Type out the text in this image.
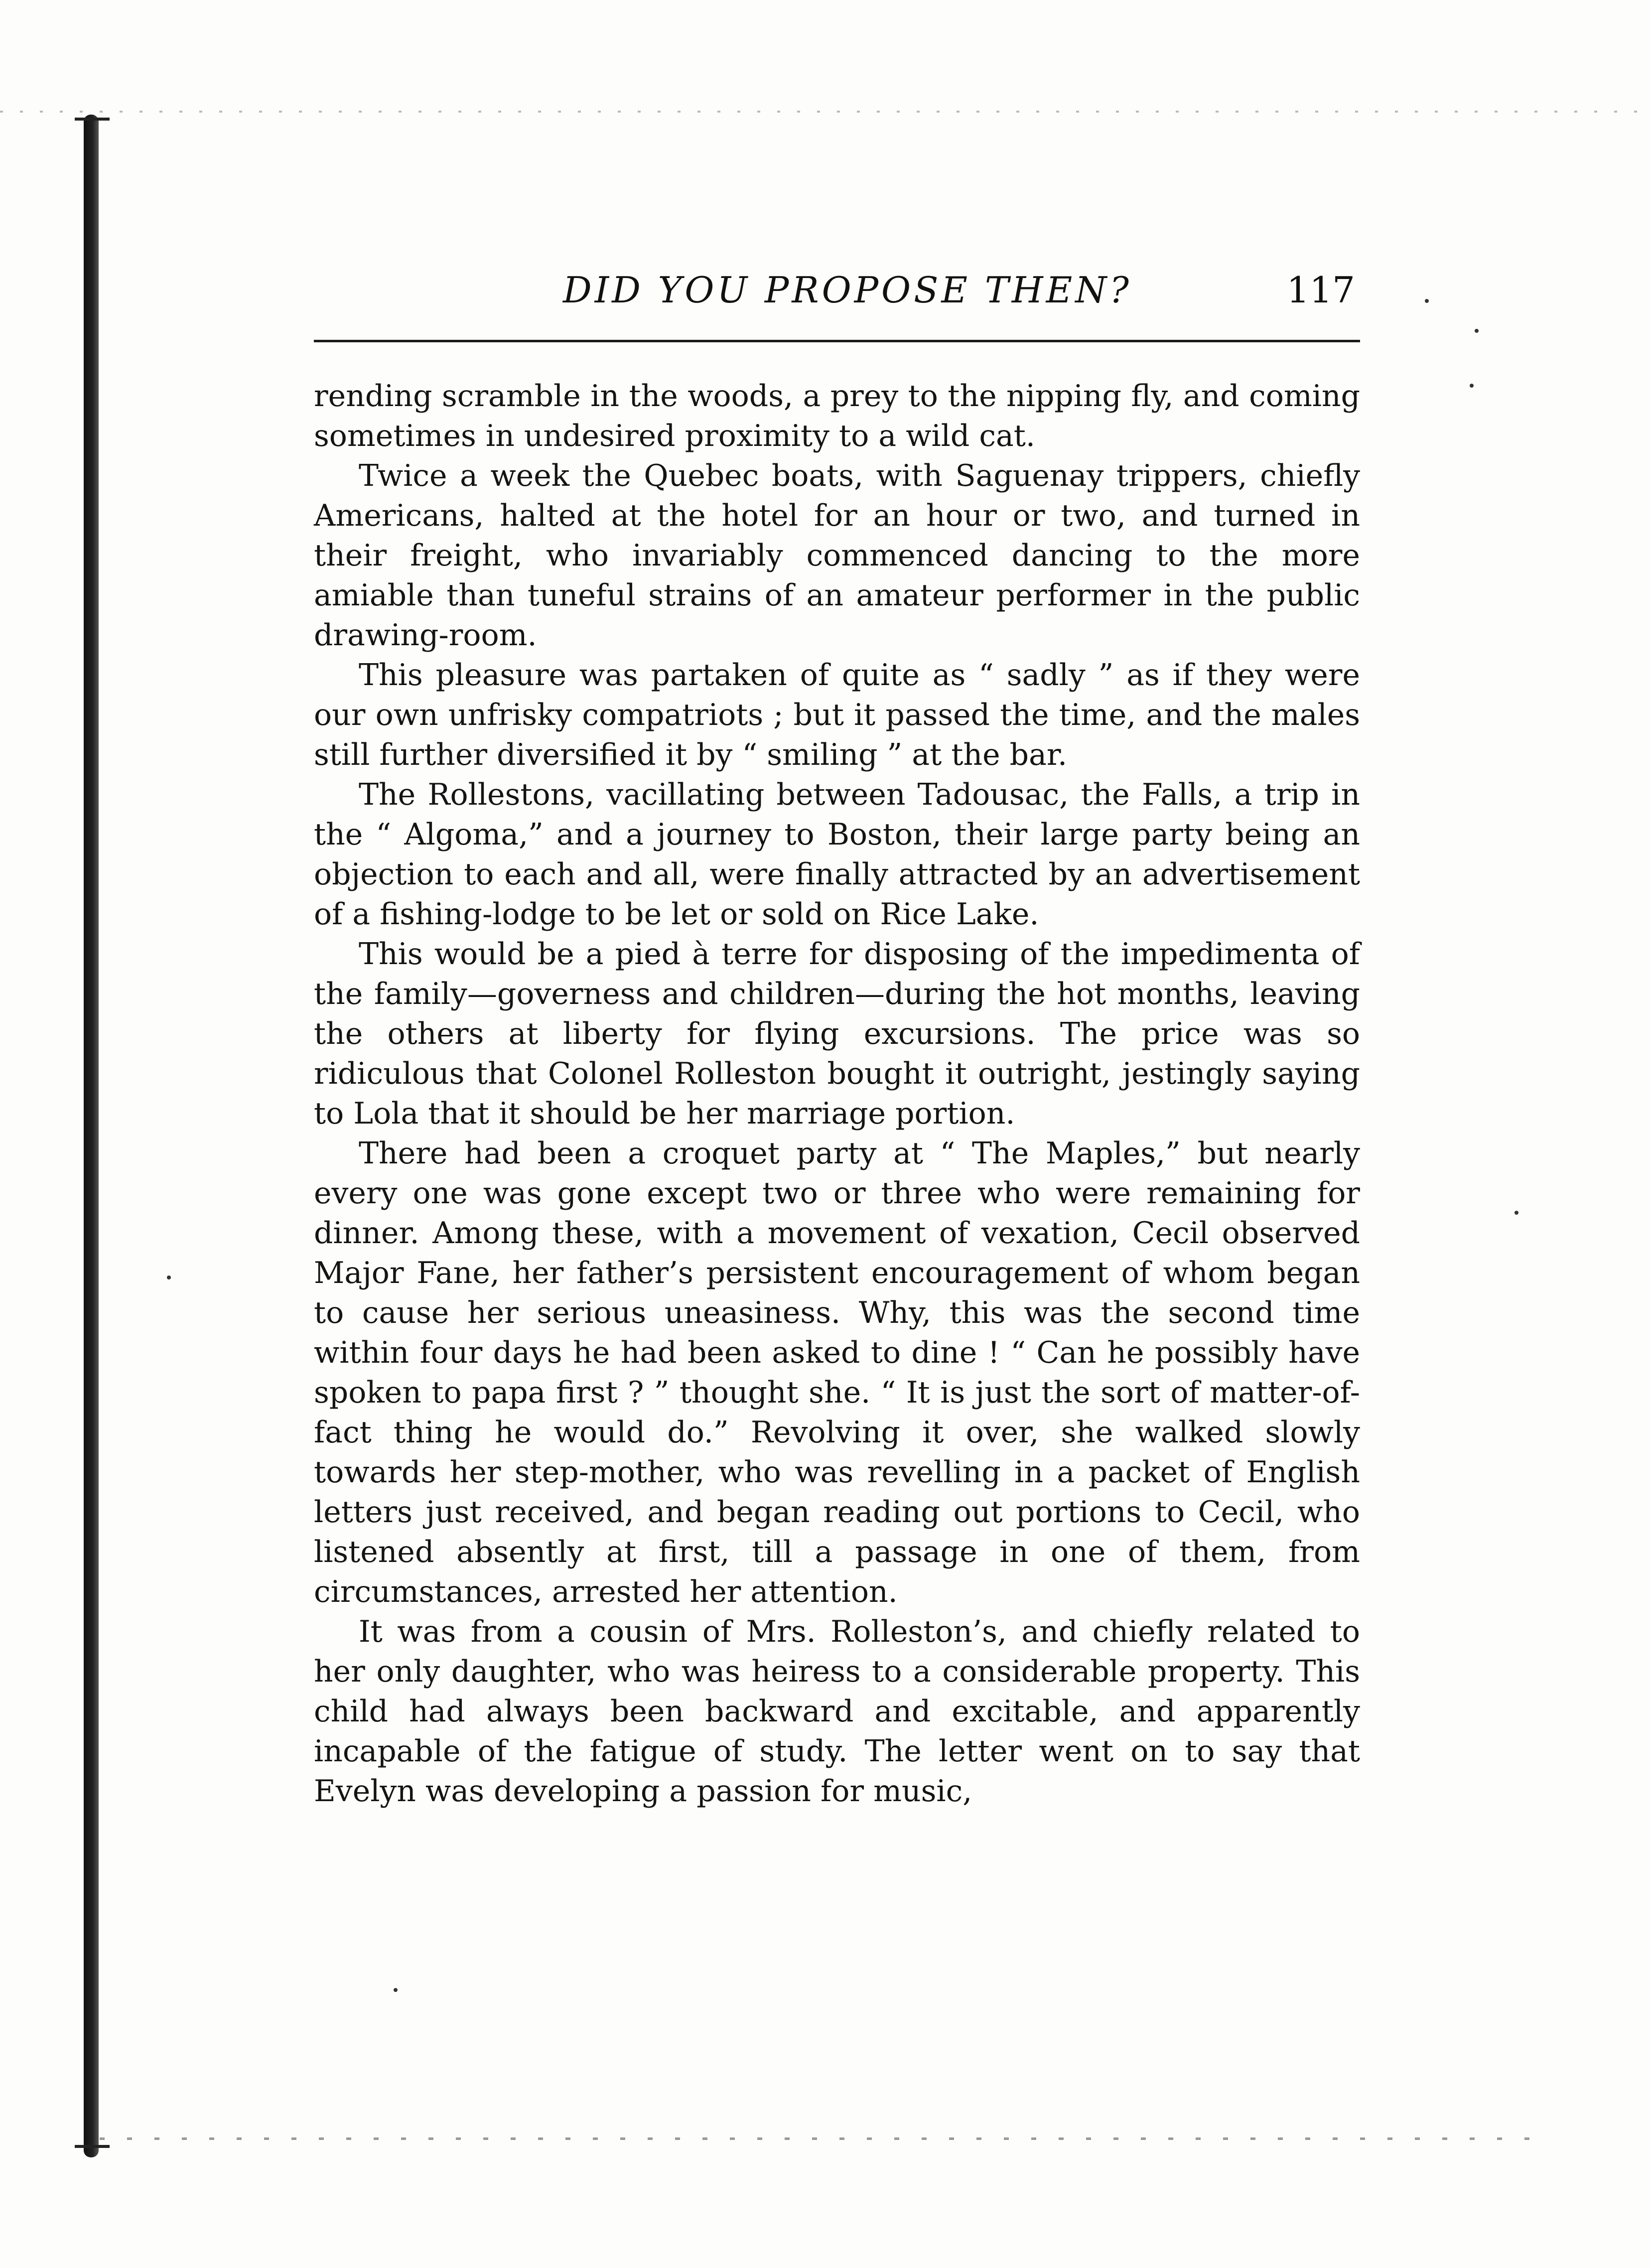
DID YOU PROPOSE THEN?	117

rending scramble in the woods, a prey to the nipping fly, and coming sometimes in undesired proximity to a wild cat.

Twice a week the Quebec boats, with Saguenay trippers, chiefly Americans, halted at the hotel for an hour or two, and turned in their freight, who invariably commenced dancing to the more amiable than tuneful strains of an amateur performer in the public drawing-room.

This pleasure was partaken of quite as “ sadly ” as if they were our own unfrisky compatriots ; but it passed the time, and the males still further diversified it by “ smiling ” at the bar.

The Rollestons, vacillating between Tadousac, the Falls, a trip in the “ Algoma,” and a journey to Boston, their large party being an objection to each and all, were finally attracted by an advertisement of a fishing-lodge to be let or sold on Rice Lake.

This would be a pied à terre for disposing of the impedimenta of the family—governess and children—during the hot months, leaving the others at liberty for flying excursions. The price was so ridiculous that Colonel Rolleston bought it outright, jestingly saying to Lola that it should be her marriage portion.

There had been a croquet party at “ The Maples,” but nearly every one was gone except two or three who were remaining for dinner. Among these, with a movement of vexation, Cecil observed Major Fane, her father’s persistent encouragement of whom began to cause her serious uneasiness. Why, this was the second time within four days he had been asked to dine ! “ Can he possibly have spoken to papa first ? ” thought she. “ It is just the sort of matter-of-fact thing he would do.” Revolving it over, she walked slowly towards her step-mother, who was revelling in a packet of English letters just received, and began reading out portions to Cecil, who listened absently at first, till a passage in one of them, from circumstances, arrested her attention.

It was from a cousin of Mrs. Rolleston’s, and chiefly related to her only daughter, who was heiress to a considerable property. This child had always been backward and excitable, and apparently incapable of the fatigue of study. The letter went on to say that Evelyn was developing a passion for music,
